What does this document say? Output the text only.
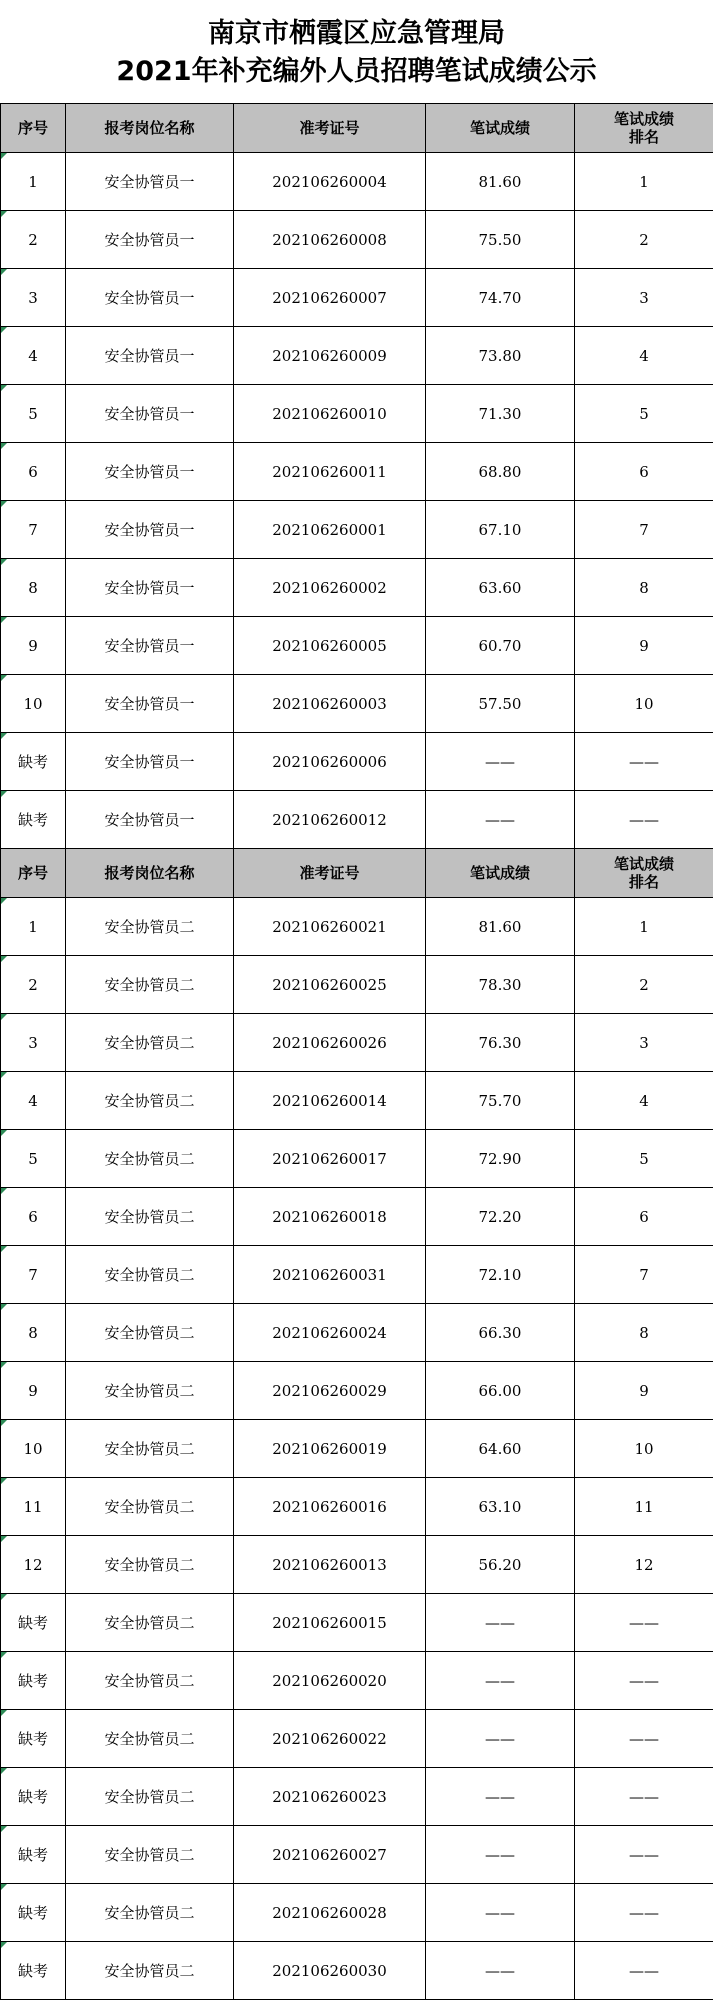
南京市栖霞区应急管理局
2021年补充编外人员招聘笔试成绩公示
序号	报考岗位名称	准考证号	笔试成绩	笔试成绩
排名

1	安全协管员一	202106260004	81.60	1
2	安全协管员一	202106260008	75.50	2
3	安全协管员一	202106260007	74.70	3
4	安全协管员一	202106260009	73.80	4
5	安全协管员一	202106260010	71.30	5
6	安全协管员一	202106260011	68.80	6
7	安全协管员一	202106260001	67.10	7
8	安全协管员一	202106260002	63.60	8
9	安全协管员一	202106260005	60.70	9
10	安全协管员一	202106260003	57.50	10
缺考	安全协管员一	202106260006	——	——
缺考	安全协管员一	202106260012	——	——

序号	报考岗位名称	准考证号	笔试成绩	笔试成绩
排名

1	安全协管员二	202106260021	81.60	1
2	安全协管员二	202106260025	78.30	2
3	安全协管员二	202106260026	76.30	3
4	安全协管员二	202106260014	75.70	4
5	安全协管员二	202106260017	72.90	5
6	安全协管员二	202106260018	72.20	6
7	安全协管员二	202106260031	72.10	7
8	安全协管员二	202106260024	66.30	8
9	安全协管员二	202106260029	66.00	9
10	安全协管员二	202106260019	64.60	10
11	安全协管员二	202106260016	63.10	11
12	安全协管员二	202106260013	56.20	12
缺考	安全协管员二	202106260015	——	——
缺考	安全协管员二	202106260020	——	——
缺考	安全协管员二	202106260022	——	——
缺考	安全协管员二	202106260023	——	——
缺考	安全协管员二	202106260027	——	——
缺考	安全协管员二	202106260028	——	——
缺考	安全协管员二	202106260030	——	——
